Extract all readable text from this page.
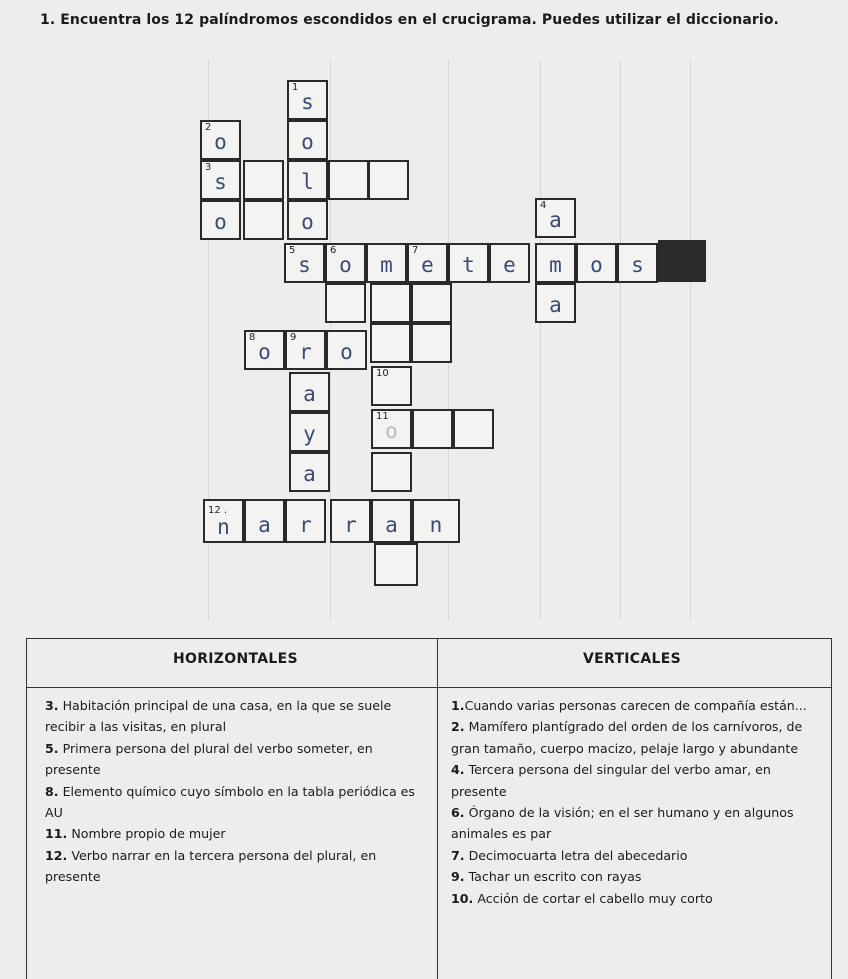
1. Encuentra los 12 palíndromos escondidos en el crucigrama. Puedes utilizar el diccionario.
1
s
o
l
o
2
o
3
s
o
4
a
5
s
6
o	m
7
e	t	e	m	o	s
a
8
o
9
r	o
a
y
a
10
11
o
12 .
n	a	r	r	a	n
HORIZONTALES	VERTICALES

3. Habitación principal de una casa, en la que se suele recibir a las visitas, en plural

5. Primera persona del plural del verbo someter, en presente

8. Elemento químico cuyo símbolo en la tabla periódica es AU

11. Nombre propio de mujer

12. Verbo narrar en la tercera persona del plural, en presente

1.Cuando varias personas carecen de compañía están...

2. Mamífero plantígrado del orden de los carnívoros, de gran tamaño, cuerpo macizo, pelaje largo y abundante

4. Tercera persona del singular del verbo amar, en presente

6. Órgano de la visión; en el ser humano y en algunos animales es par

7. Decimocuarta letra del abecedario

9. Tachar un escrito con rayas

10. Acción de cortar el cabello muy corto
